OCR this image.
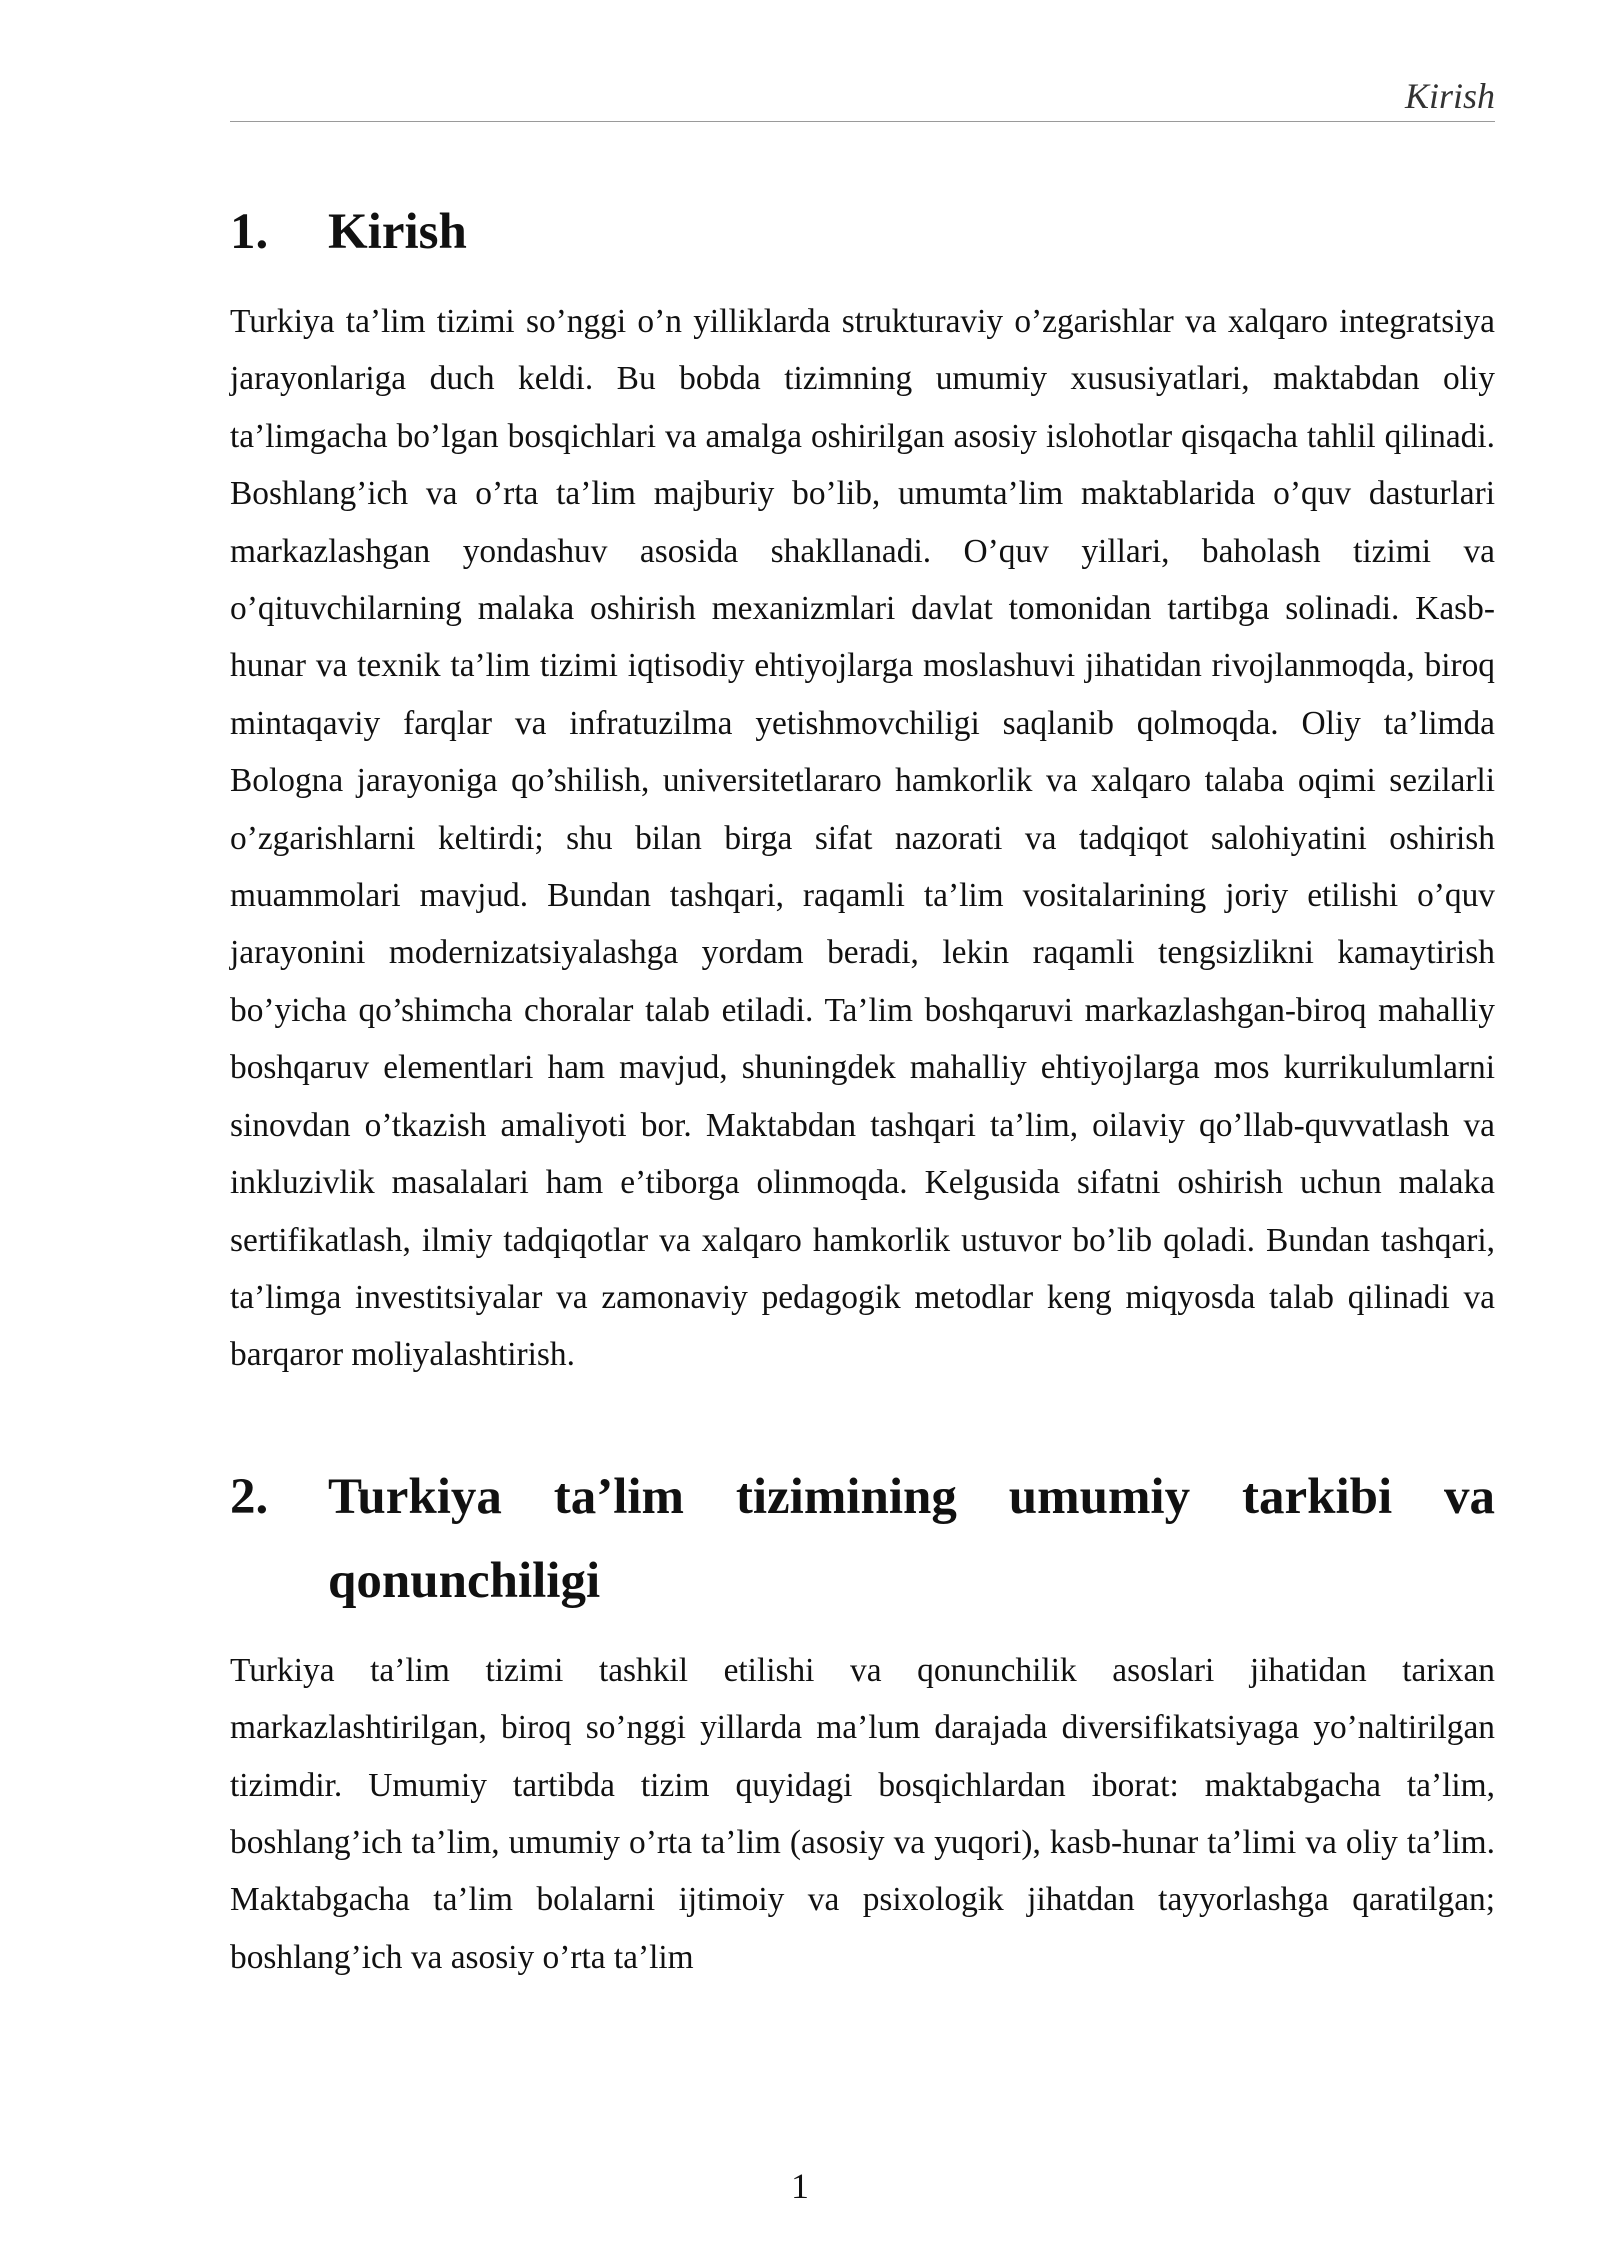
Kirish
1.	Kirish

Turkiya ta’lim tizimi so’nggi o’n yilliklarda strukturaviy o’zgarishlar va xalqaro integratsiya jarayonlariga duch keldi. Bu bobda tizimning umumiy xususiyatlari, maktabdan oliy ta’limgacha bo’lgan bosqichlari va amalga oshirilgan asosiy islohotlar qisqacha tahlil qilinadi. Boshlang’ich va o’rta ta’lim majburiy bo’lib, umumta’lim maktablarida o’quv dasturlari markazlashgan yondashuv asosida shakllanadi. O’quv yillari, baholash tizimi va o’qituvchilarning malaka oshirish mexanizmlari davlat tomonidan tartibga solinadi. Kasb-hunar va texnik ta’lim tizimi iqtisodiy ehtiyojlarga moslashuvi jihatidan rivojlanmoqda, biroq mintaqaviy farqlar va infratuzilma yetishmovchiligi saqlanib qolmoqda. Oliy ta’limda Bologna jarayoniga qo’shilish, universitetlararo hamkorlik va xalqaro talaba oqimi sezilarli o’zgarishlarni keltirdi; shu bilan birga sifat nazorati va tadqiqot salohiyatini oshirish muammolari mavjud. Bundan tashqari, raqamli ta’lim vositalarining joriy etilishi o’quv jarayonini modernizatsiyalashga yordam beradi, lekin raqamli tengsizlikni kamaytirish bo’yicha qo’shimcha choralar talab etiladi. Ta’lim boshqaruvi markazlashgan-biroq mahalliy boshqaruv elementlari ham mavjud, shuningdek mahalliy ehtiyojlarga mos kurrikulumlarni sinovdan o’tkazish amaliyoti bor. Maktabdan tashqari ta’lim, oilaviy qo’llab-quvvatlash va inkluzivlik masalalari ham e’tiborga olinmoqda. Kelgusida sifatni oshirish uchun malaka sertifikatlash, ilmiy tadqiqotlar va xalqaro hamkorlik ustuvor bo’lib qoladi. Bundan tashqari, ta’limga investitsiyalar va zamonaviy pedagogik metodlar keng miqyosda talab qilinadi va barqaror moliyalashtirish.

2.	Turkiya ta’lim tizimining umumiy tarkibi va qonunchiligi

Turkiya ta’lim tizimi tashkil etilishi va qonunchilik asoslari jihatidan tarixan markazlashtirilgan, biroq so’nggi yillarda ma’lum darajada diversifikatsiyaga yo’naltirilgan tizimdir. Umumiy tartibda tizim quyidagi bosqichlardan iborat: maktabgacha ta’lim, boshlang’ich ta’lim, umumiy o’rta ta’lim (asosiy va yuqori), kasb-hunar ta’limi va oliy ta’lim. Maktabgacha ta’lim bolalarni ijtimoiy va psixologik jihatdan tayyorlashga qaratilgan; boshlang’ich va asosiy o’rta ta’lim

1
